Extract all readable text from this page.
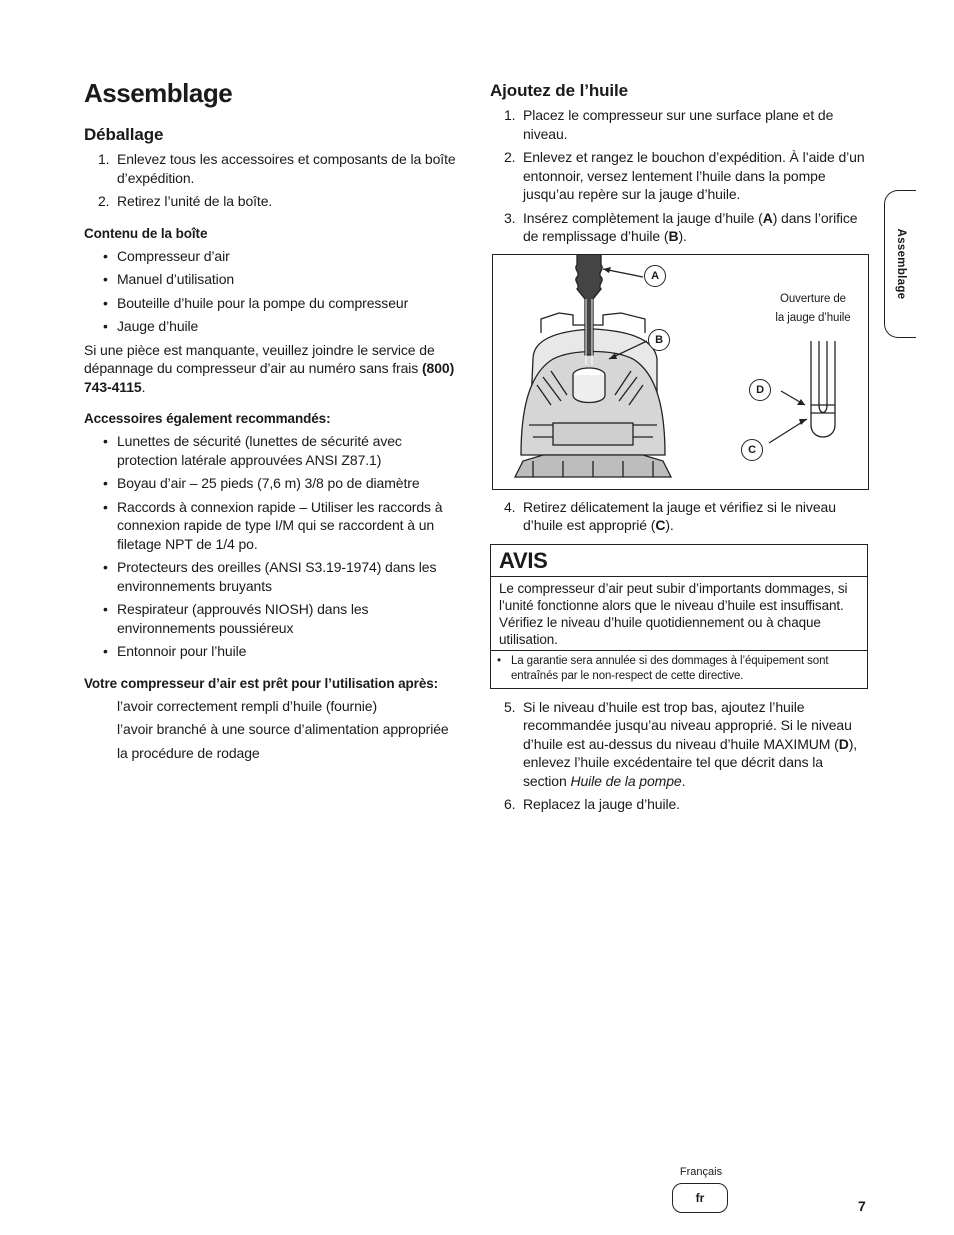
Assemblage
Déballage
1. Enlevez tous les accessoires et composants de la boîte d’expédition.
2. Retirez l’unité de la boîte.
Contenu de la boîte
• Compresseur d’air
• Manuel d’utilisation
• Bouteille d’huile pour la pompe du compresseur
• Jauge d’huile

Si une pièce est manquante, veuillez joindre le service de dépannage du compresseur d’air au numéro sans frais (800) 743-4115.

Accessoires également recommandés:
• Lunettes de sécurité (lunettes de sécurité avec protection latérale approuvées ANSI Z87.1)
• Boyau d’air – 25 pieds (7,6 m) 3/8 po de diamètre
• Raccords à connexion rapide – Utiliser les raccords à connexion rapide de type I/M qui se raccordent à un filetage NPT de 1/4 po.
• Protecteurs des oreilles (ANSI S3.19-1974) dans les environnements bruyants
• Respirateur (approuvés NIOSH) dans les environnements poussiéreux
• Entonnoir pour l’huile
Votre compresseur d’air est prêt pour l’utilisation après:
l’avoir correctement rempli d’huile (fournie)
l’avoir branché à une source d’alimentation appropriée
la procédure de rodage
Ajoutez de l’huile
1. Placez le compresseur sur une surface plane et de niveau.
2. Enlevez et rangez le bouchon d’expédition. À l’aide d’un entonnoir, versez lentement l’huile dans la pompe jusqu’au repère sur la jauge d’huile.
3. Insérez complètement la jauge d’huile (A) dans l’orifice de remplissage d’huile (B).
A
B
D
C
Ouverture de
la jauge d’huile
4. Retirez délicatement la jauge et vérifiez si le niveau d’huile est approprié (C).
AVIS
Le compresseur d’air peut subir d’importants dommages, si l’unité fonctionne alors que le niveau d’huile est insuffisant. Vérifiez le niveau d’huile quotidiennement ou à chaque utilisation.
• La garantie sera annulée si des dommages à l’équipement sont entraînés par le non-respect de cette directive.
5. Si le niveau d’huile est trop bas, ajoutez l’huile recommandée jusqu’au niveau approprié. Si le niveau d’huile est au-dessus du niveau d’huile MAXIMUM (D), enlevez l’huile excédentaire tel que décrit dans la section Huile de la pompe.
6. Replacez la jauge d’huile.
Assemblage
Français
fr	7
